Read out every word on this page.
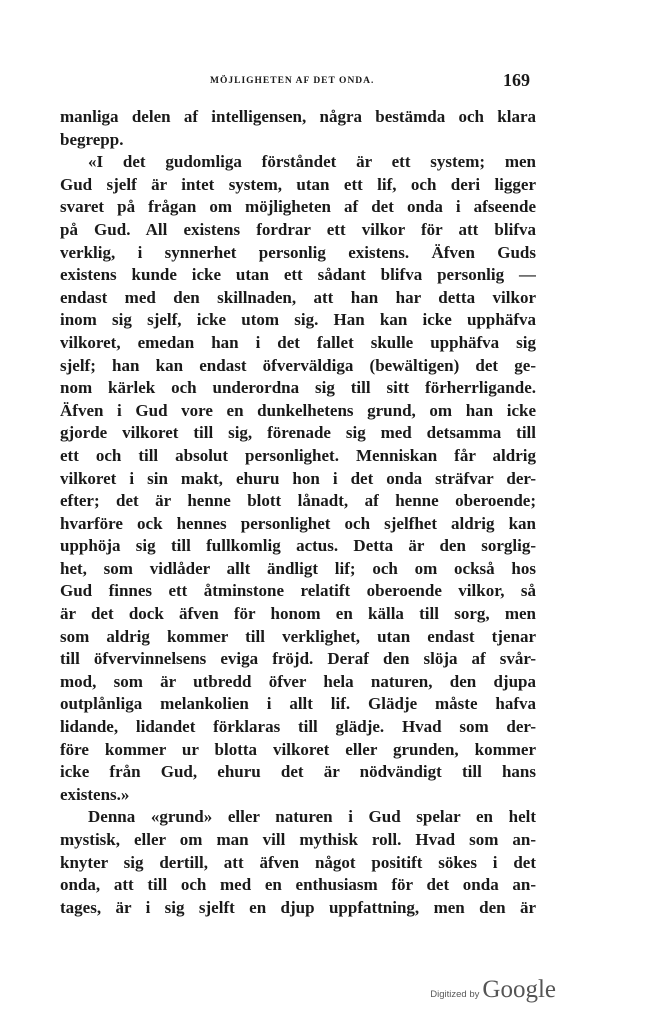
MÖJLIGHETEN AF DET ONDA.	169
manliga delen af intelligensen, några bestämda och klara
begrepp.
«I det gudomliga förståndet är ett system; men
Gud sjelf är intet system, utan ett lif, och deri ligger
svaret på frågan om möjligheten af det onda i afseende
på Gud. All existens fordrar ett vilkor för att blifva
verklig, i synnerhet personlig existens. Äfven Guds
existens kunde icke utan ett sådant blifva personlig —
endast med den skillnaden, att han har detta vilkor
inom sig sjelf, icke utom sig. Han kan icke upphäfva
vilkoret, emedan han i det fallet skulle upphäfva sig
sjelf; han kan endast öfverväldiga (bewältigen) det ge-
nom kärlek och underordna sig till sitt förherrligande.
Äfven i Gud vore en dunkelhetens grund, om han icke
gjorde vilkoret till sig, förenade sig med detsamma till
ett och till absolut personlighet. Menniskan får aldrig
vilkoret i sin makt, ehuru hon i det onda sträfvar der-
efter; det är henne blott lånadt, af henne oberoende;
hvarföre ock hennes personlighet och sjelfhet aldrig kan
upphöja sig till fullkomlig actus. Detta är den sorglig-
het, som vidlåder allt ändligt lif; och om också hos
Gud finnes ett åtminstone relatift oberoende vilkor, så
är det dock äfven för honom en källa till sorg, men
som aldrig kommer till verklighet, utan endast tjenar
till öfvervinnelsens eviga fröjd. Deraf den slöja af svår-
mod, som är utbredd öfver hela naturen, den djupa
outplånliga melankolien i allt lif. Glädje måste hafva
lidande, lidandet förklaras till glädje. Hvad som der-
före kommer ur blotta vilkoret eller grunden, kommer
icke från Gud, ehuru det är nödvändigt till hans
existens.»
Denna «grund» eller naturen i Gud spelar en helt
mystisk, eller om man vill mythisk roll. Hvad som an-
knyter sig dertill, att äfven något positift sökes i det
onda, att till och med en enthusiasm för det onda an-
tages, är i sig sjelft en djup uppfattning, men den är
Digitized by Google
